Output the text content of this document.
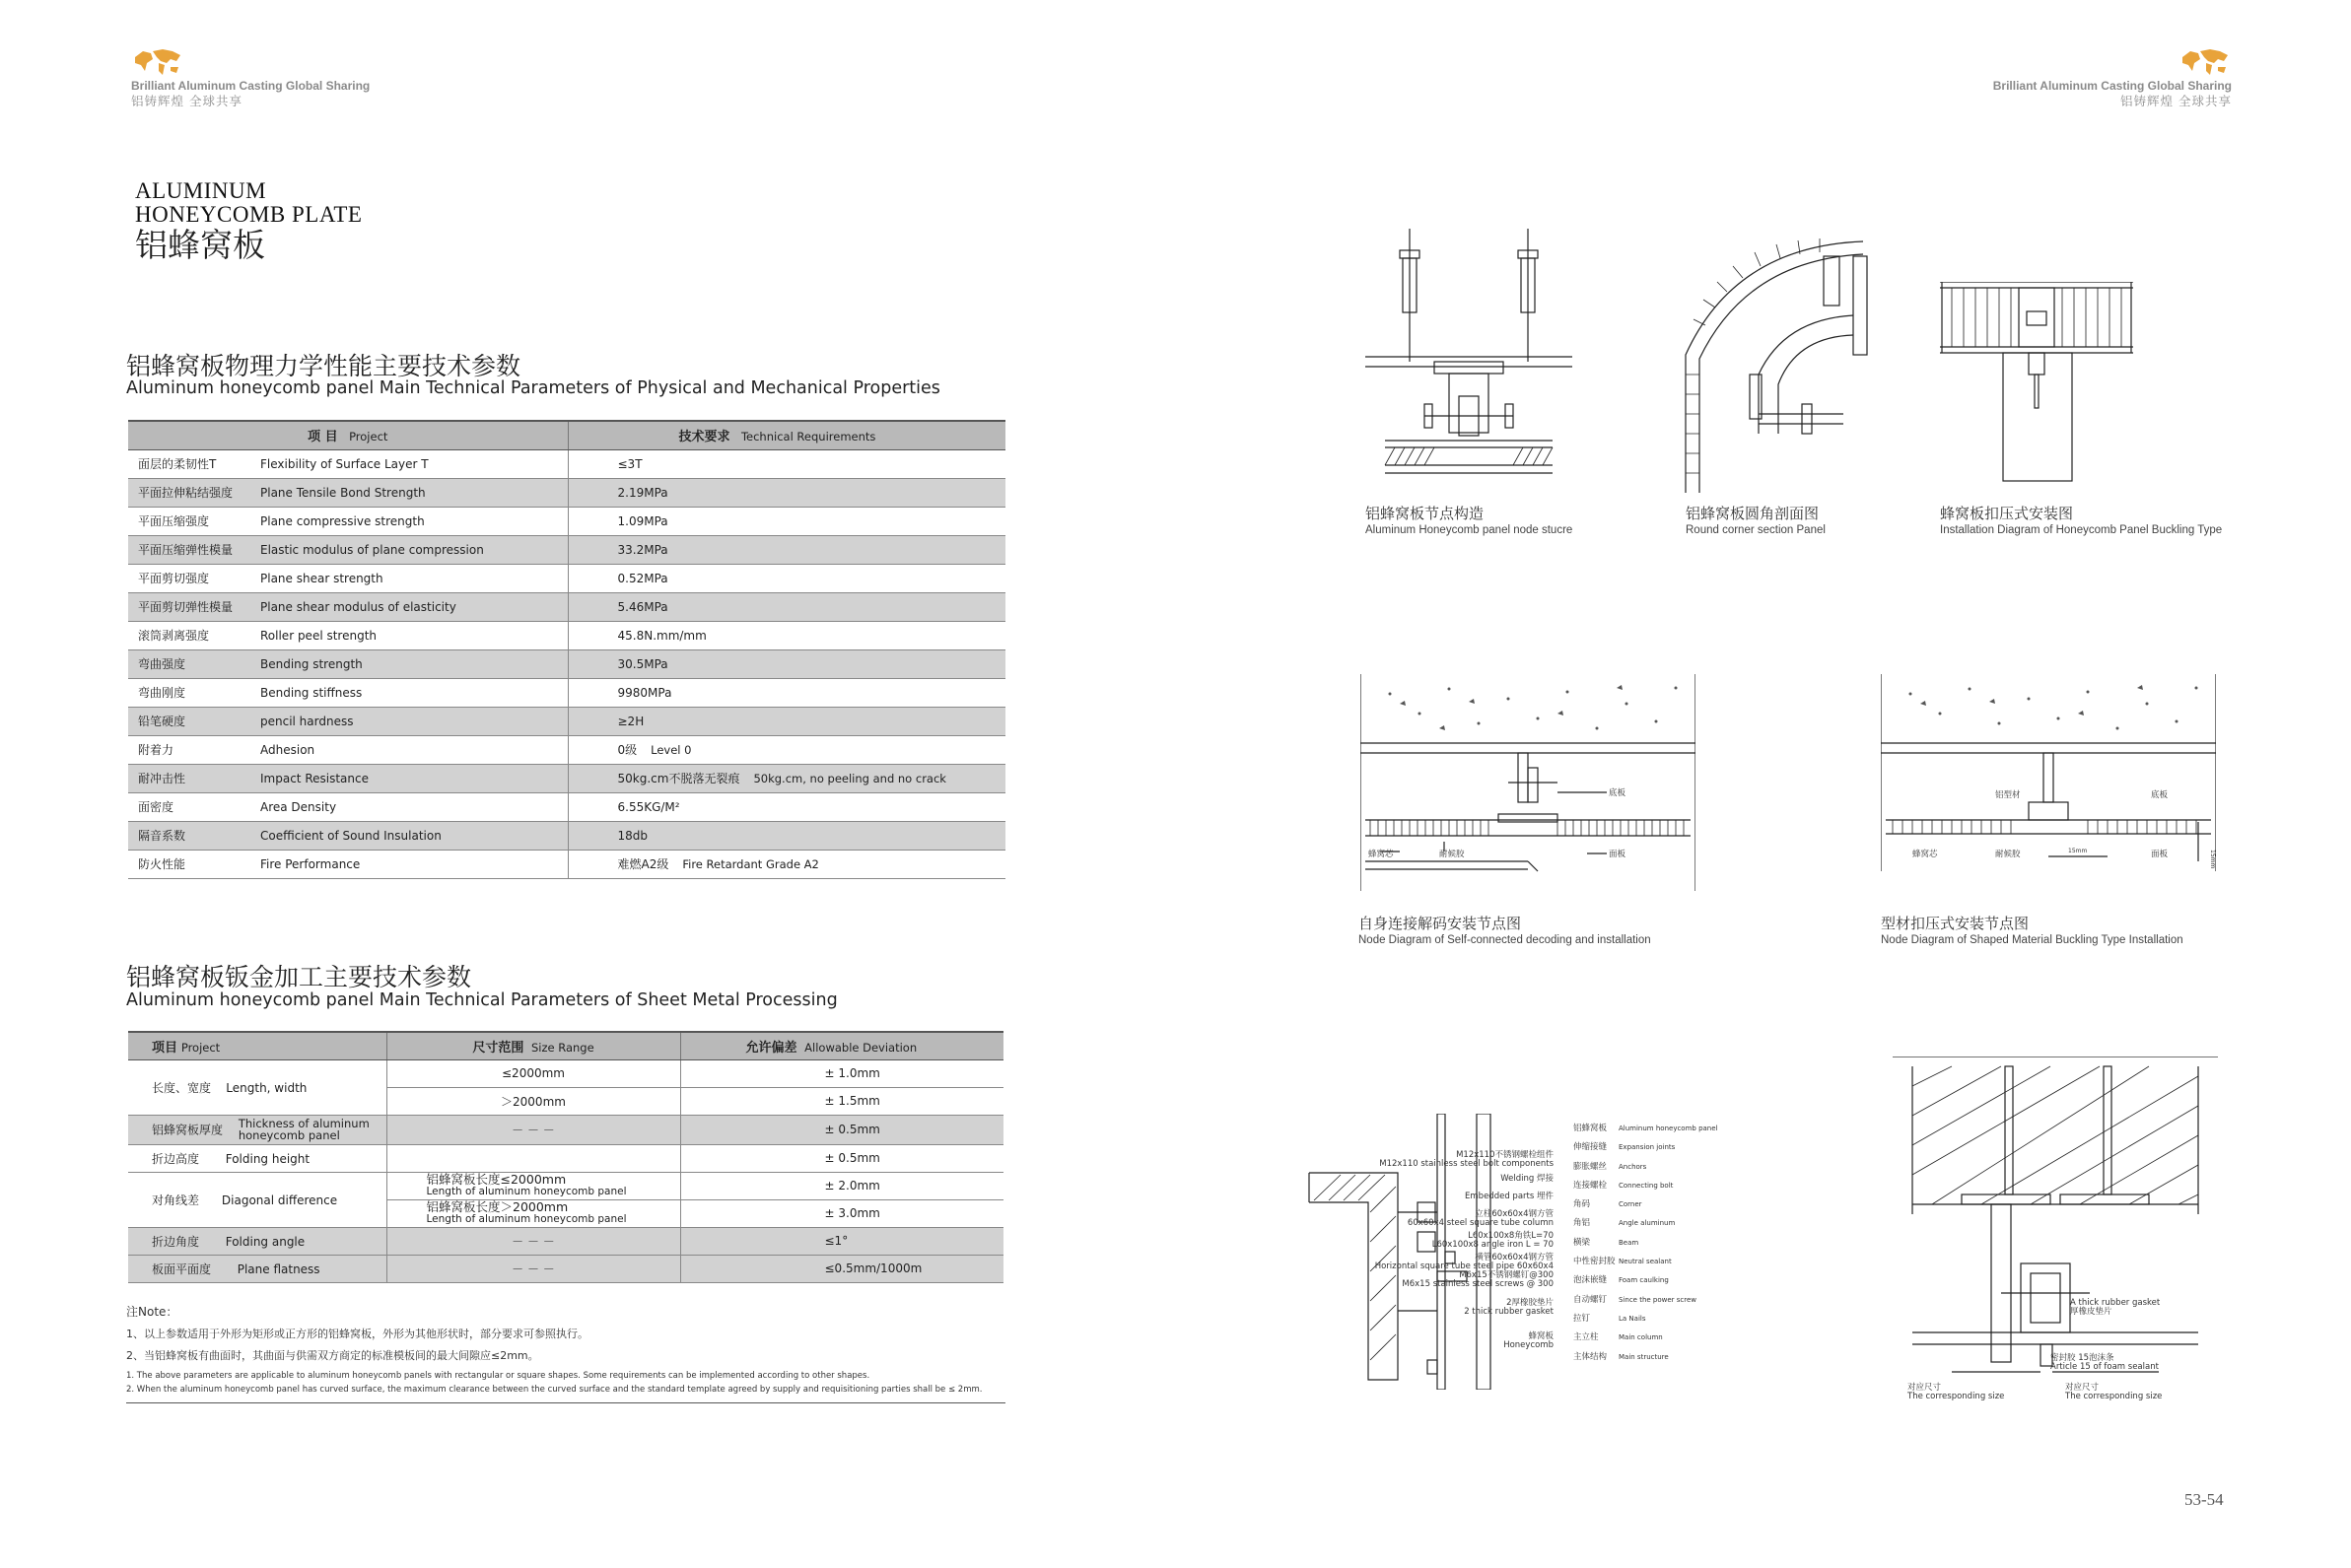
Brilliant Aluminum Casting Global Sharing
铝铸辉煌 全球共享
Brilliant Aluminum Casting Global Sharing
铝铸辉煌 全球共享
ALUMINUM
HONEYCOMB PLATE
铝蜂窝板
铝蜂窝板物理力学性能主要技术参数
Aluminum honeycomb panel Main Technical Parameters of Physical and Mechanical Properties
项 目 Project		技术要求 Technical Requirements
面层的柔韧性T	Flexibility of Surface Layer T	≤3T
平面拉伸粘结强度	Plane Tensile Bond Strength	2.19MPa
平面压缩强度	Plane compressive strength	1.09MPa
平面压缩弹性模量	Elastic modulus of plane compression	33.2MPa
平面剪切强度	Plane shear strength	0.52MPa
平面剪切弹性模量	Plane shear modulus of elasticity	5.46MPa
滚筒剥离强度	Roller peel strength	45.8N.mm/mm
弯曲强度	Bending strength	30.5MPa
弯曲刚度	Bending stiffness	9980MPa
铅笔硬度	pencil hardness	≥2H
附着力	Adhesion	0级 Level 0
耐冲击性	Impact Resistance	50kg.cm不脱落无裂痕 50kg.cm, no peeling and no crack
面密度	Area Density	6.55KG/M²
隔音系数	Coefficient of Sound Insulation	18db
防火性能	Fire Performance	难燃A2级 Fire Retardant Grade A2
铝蜂窝板钣金加工主要技术参数
Aluminum honeycomb panel Main Technical Parameters of Sheet Metal Processing
项目 Project	尺寸范围 Size Range	允许偏差 Allowable Deviation
长度、宽度 Length, width	≤2000mm	± 1.0mm
	＞2000mm	± 1.5mm
铝蜂窝板厚度 Thickness of aluminum
honeycomb panel	－ － －	± 0.5mm
折边高度 Folding height		± 0.5mm
对角线差 Diagonal difference	铝蜂窝板长度≤2000mm
Length of aluminum honeycomb panel	± 2.0mm
	铝蜂窝板长度＞2000mm
Length of aluminum honeycomb panel	± 3.0mm
折边角度 Folding angle	－ － －	≤1°
板面平面度 Plane flatness	－ － －	≤0.5mm/1000m
注Note：
1、以上参数适用于外形为矩形或正方形的铝蜂窝板，外形为其他形状时，部分要求可参照执行。
2、当铝蜂窝板有曲面时，其曲面与供需双方商定的标准模板间的最大间隙应≤2mm。
1. The above parameters are applicable to aluminum honeycomb panels with rectangular or square shapes. Some requirements can be implemented according to other shapes.
2. When the aluminum honeycomb panel has curved surface, the maximum clearance between the curved surface and the standard template agreed by supply and requisitioning parties shall be ≤ 2mm.
铝蜂窝板节点构造
Aluminum Honeycomb panel node stucre
铝蜂窝板圆角剖面图
Round corner section Panel
蜂窝板扣压式安装图
Installation Diagram of Honeycomb Panel Buckling Type
底板
蜂窝芯	耐候胶	面板
自身连接解码安装节点图
Node Diagram of Self-connected decoding and installation
铝型材	底板
蜂窝芯	耐候胶	面板
15mm	15mm
型材扣压式安装节点图
Node Diagram of Shaped Material Buckling Type Installation
铝蜂窝板 Aluminum honeycomb panel
伸缩接缝 Expansion joints
膨胀螺丝 Anchors
连接螺栓 Connecting bolt
角码	Corner
角铝	Angle aluminum
横梁	Beam
中性密封胶 Neutral sealant
泡沫嵌缝 Foam caulking
自动螺钉 Since the power screw
拉钉	La Nails
主立柱	Main column
主体结构 Main structure
M12x110不锈钢螺栓组件
M12x110 stainless steel bolt components
Welding 焊接
Embedded parts 埋件
立柱60x60x4钢方管
60x60x4 steel square tube column
L60x100x8角铁L=70
L60x100x8 angle iron L = 70
横管60x60x4钢方管
Horizontal square tube steel pipe 60x60x4
M6x15不锈钢螺钉@300
M6x15 stainless steel screws @ 300
2厚橡胶垫片
2 thick rubber gasket
蜂窝板
Honeycomb
A thick rubber gasket
厚橡皮垫片
密封胶 15泡沫条
Article 15 of foam sealant
对应尺寸
The corresponding size
对应尺寸
The corresponding size
53-54
